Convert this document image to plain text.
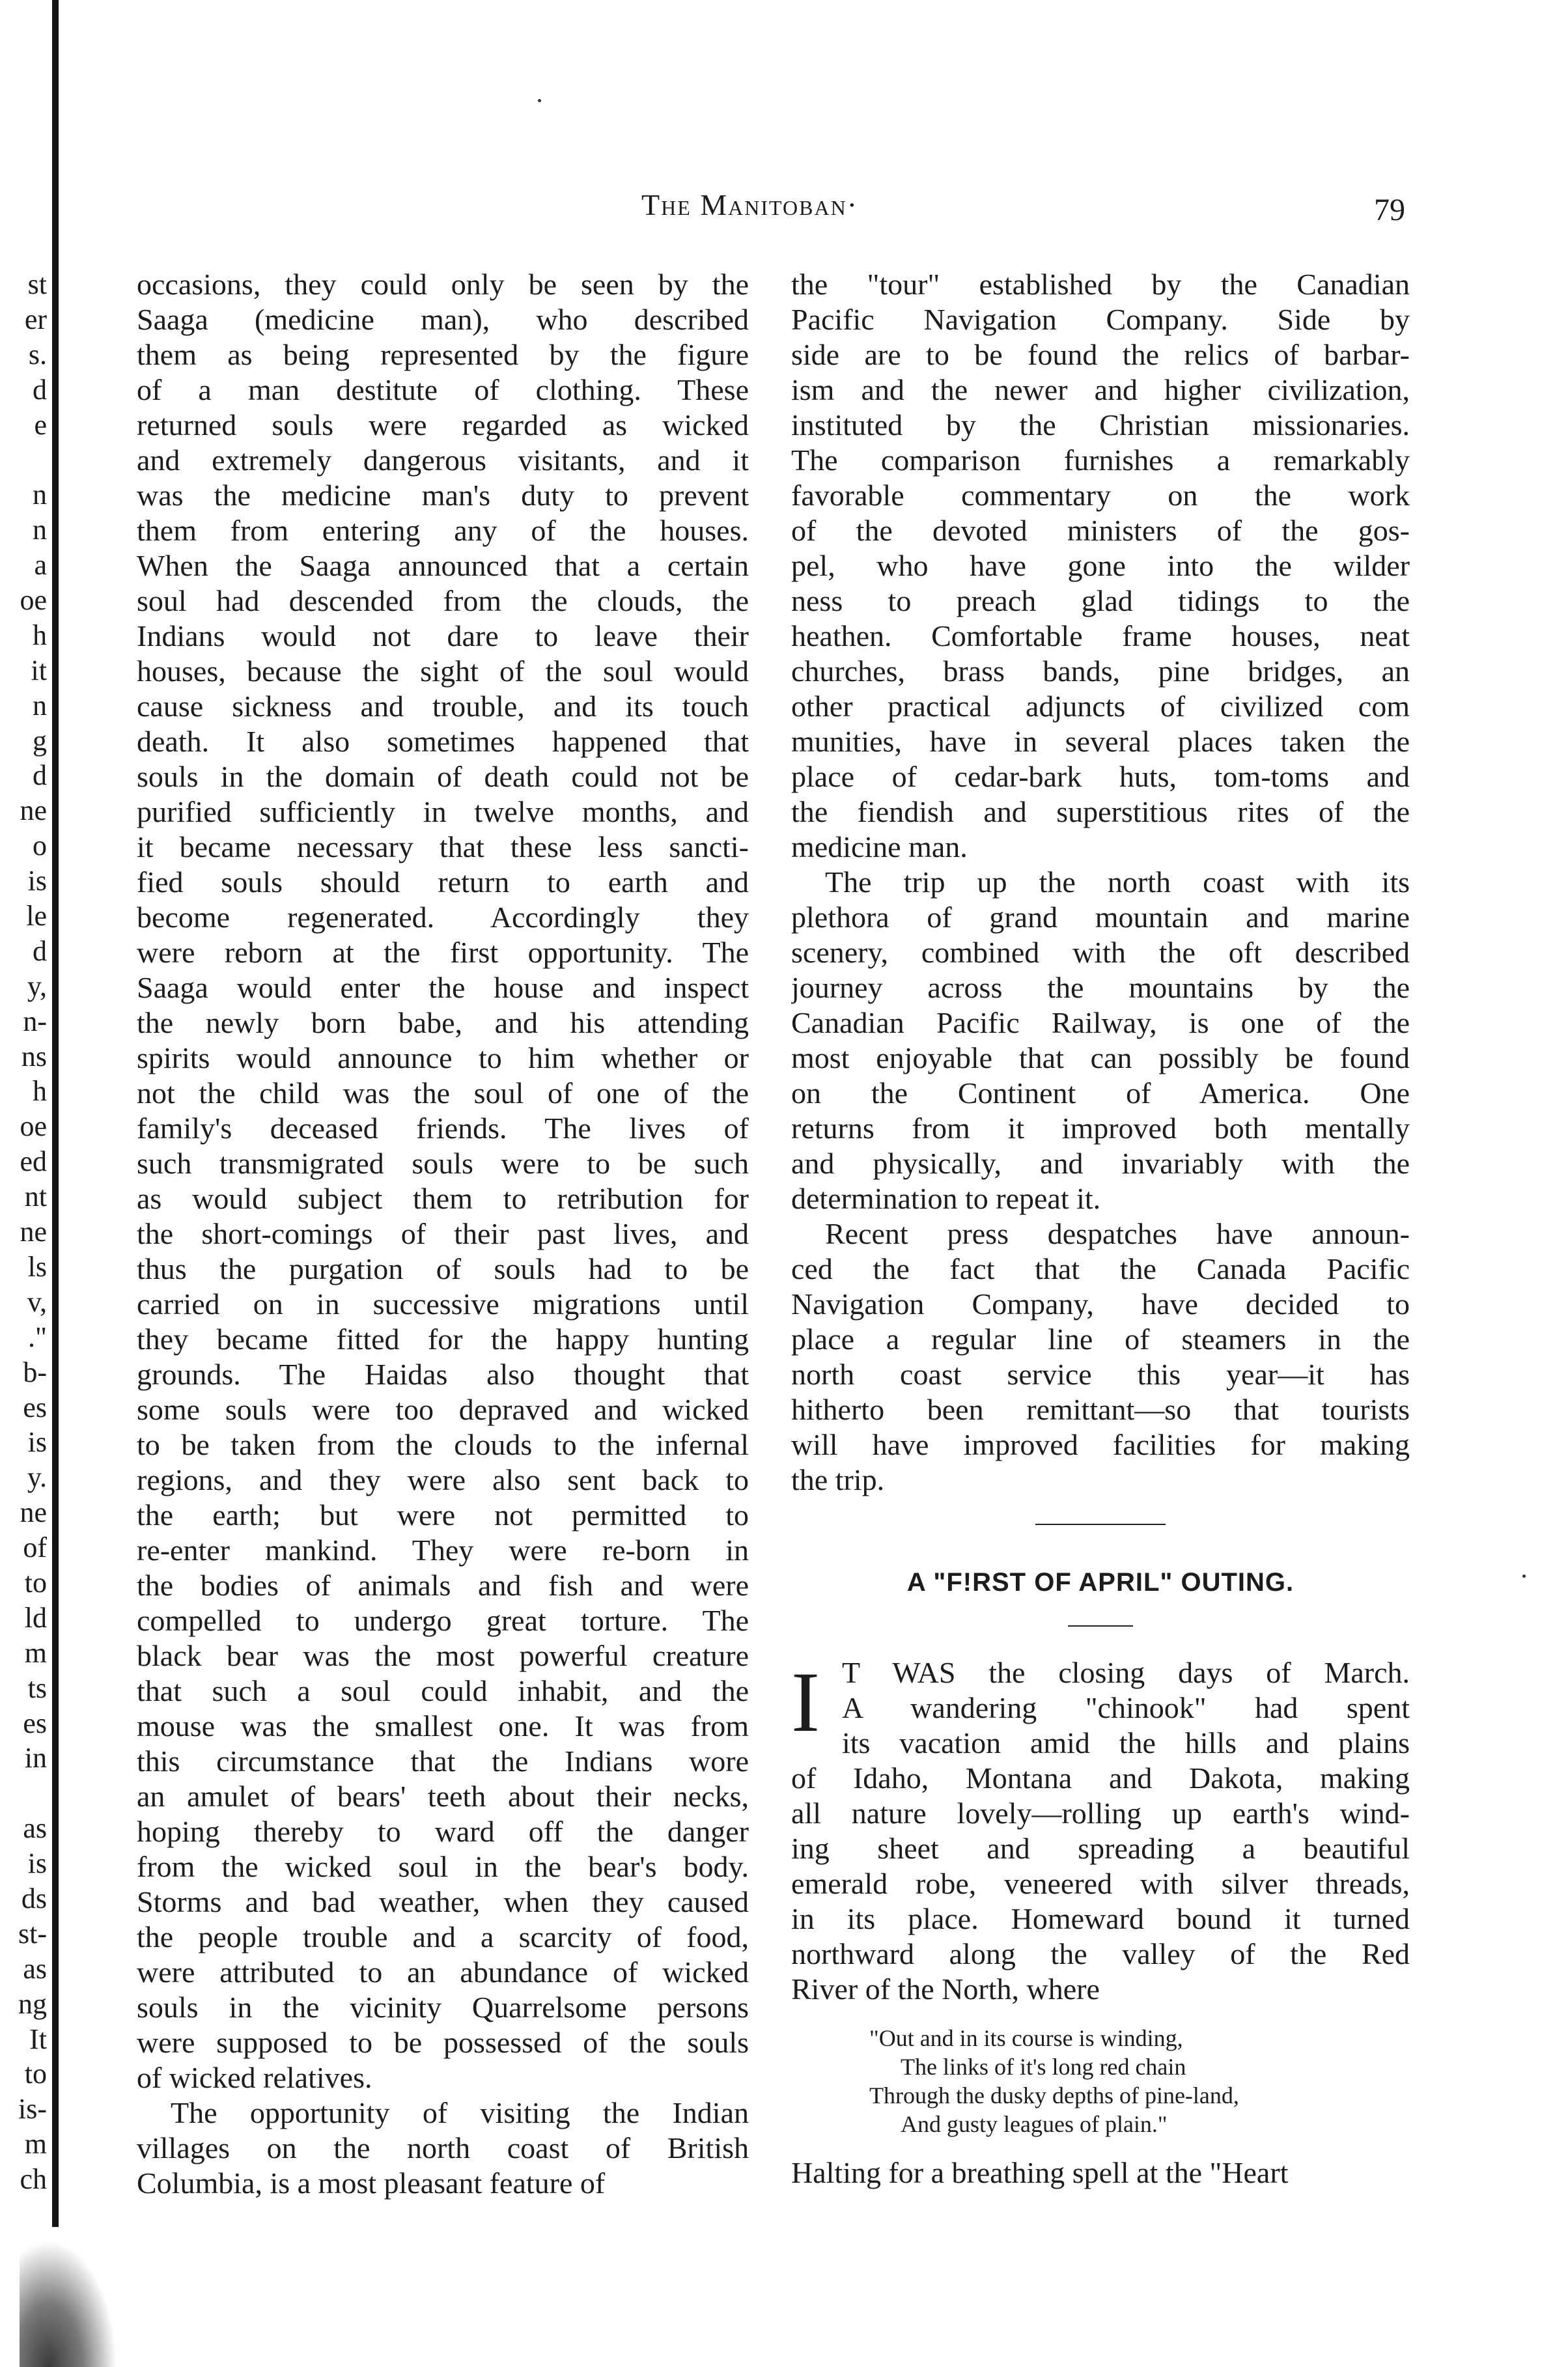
st
er
s.
d
e
n
n
a
oe
h
it
n
g
d
ne
o
is
le
d
y,
n-
ns
h
oe
ed
nt
ne
ls
v,
."
b-
es
is
y.
ne
of
to
ld
m
ts
es
in
as
is
ds
st-
as
ng
It
to
is-
m
ch
The Manitoban·	79
occasions, they could only be seen by the
Saaga (medicine man), who described
them as being represented by the figure
of a man destitute of clothing. These
returned souls were regarded as wicked
and extremely dangerous visitants, and it
was the medicine man's duty to prevent
them from entering any of the houses.
When the Saaga announced that a certain
soul had descended from the clouds, the
Indians would not dare to leave their
houses, because the sight of the soul would
cause sickness and trouble, and its touch
death. It also sometimes happened that
souls in the domain of death could not be
purified sufficiently in twelve months, and
it became necessary that these less sancti-
fied souls should return to earth and
become regenerated. Accordingly they
were reborn at the first opportunity. The
Saaga would enter the house and inspect
the newly born babe, and his attending
spirits would announce to him whether or
not the child was the soul of one of the
family's deceased friends. The lives of
such transmigrated souls were to be such
as would subject them to retribution for
the short-comings of their past lives, and
thus the purgation of souls had to be
carried on in successive migrations until
they became fitted for the happy hunting
grounds. The Haidas also thought that
some souls were too depraved and wicked
to be taken from the clouds to the infernal
regions, and they were also sent back to
the earth; but were not permitted to
re-enter mankind. They were re-born in
the bodies of animals and fish and were
compelled to undergo great torture. The
black bear was the most powerful creature
that such a soul could inhabit, and the
mouse was the smallest one. It was from
this circumstance that the Indians wore
an amulet of bears' teeth about their necks,
hoping thereby to ward off the danger
from the wicked soul in the bear's body.
Storms and bad weather, when they caused
the people trouble and a scarcity of food,
were attributed to an abundance of wicked
souls in the vicinity Quarrelsome persons
were supposed to be possessed of the souls
of wicked relatives.
The opportunity of visiting the Indian
villages on the north coast of British
Columbia, is a most pleasant feature of
the "tour" established by the Canadian
Pacific Navigation Company. Side by
side are to be found the relics of barbar-
ism and the newer and higher civilization,
instituted by the Christian missionaries.
The comparison furnishes a remarkably
favorable commentary on the work
of the devoted ministers of the gos-
pel, who have gone into the wilder
ness to preach glad tidings to the
heathen. Comfortable frame houses, neat
churches, brass bands, pine bridges, an
other practical adjuncts of civilized com
munities, have in several places taken the
place of cedar-bark huts, tom-toms and
the fiendish and superstitious rites of the
medicine man.
The trip up the north coast with its
plethora of grand mountain and marine
scenery, combined with the oft described
journey across the mountains by the
Canadian Pacific Railway, is one of the
most enjoyable that can possibly be found
on the Continent of America. One
returns from it improved both mentally
and physically, and invariably with the
determination to repeat it.
Recent press despatches have announ-
ced the fact that the Canada Pacific
Navigation Company, have decided to
place a regular line of steamers in the
north coast service this year—it has
hitherto been remittant—so that tourists
will have improved facilities for making
the trip.
A "F!RST OF APRIL" OUTING.
I T WAS the closing days of March.
A wandering "chinook" had spent
its vacation amid the hills and plains
of Idaho, Montana and Dakota, making
all nature lovely—rolling up earth's wind-
ing sheet and spreading a beautiful
emerald robe, veneered with silver threads,
in its place. Homeward bound it turned
northward along the valley of the Red
River of the North, where
"Out and in its course is winding,
The links of it's long red chain
Through the dusky depths of pine-land,
And gusty leagues of plain."
Halting for a breathing spell at the "Heart
